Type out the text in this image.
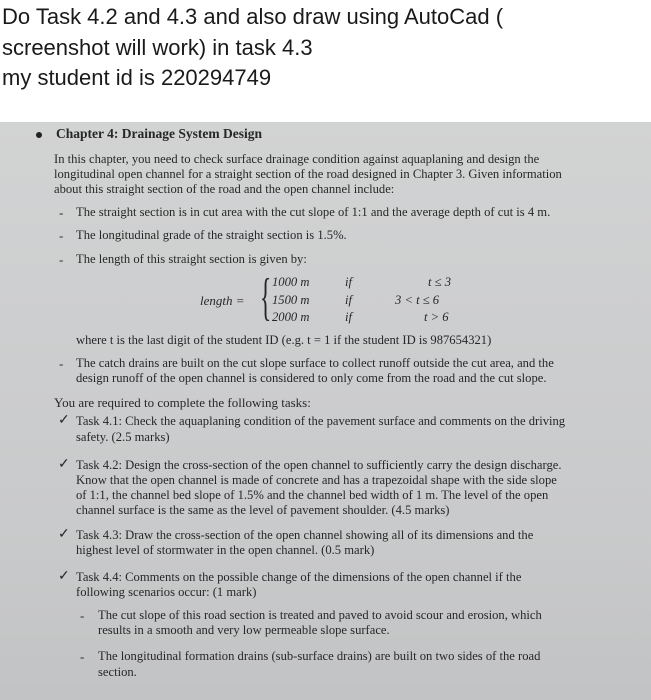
Do Task 4.2 and 4.3 and also draw using AutoCad (
screenshot will work) in task 4.3
my student id is 220294749
Chapter 4: Drainage System Design
In this chapter, you need to check surface drainage condition against aquaplaning and design the
longitudinal open channel for a straight section of the road designed in Chapter 3. Given information
about this straight section of the road and the open channel include:
- The straight section is in cut area with the cut slope of 1:1 and the average depth of cut is 4 m.
- The longitudinal grade of the straight section is 1.5%.
- The length of this straight section is given by:
length = { 1000 m	if	t ≤ 3
1500 m	if	3 < t ≤ 6
2000 m	if	t > 6
where t is the last digit of the student ID (e.g. t = 1 if the student ID is 987654321)
- The catch drains are built on the cut slope surface to collect runoff outside the cut area, and the
design runoff of the open channel is considered to only come from the road and the cut slope.
You are required to complete the following tasks:
✓ Task 4.1: Check the aquaplaning condition of the pavement surface and comments on the driving
safety. (2.5 marks)
✓ Task 4.2: Design the cross-section of the open channel to sufficiently carry the design discharge.
Know that the open channel is made of concrete and has a trapezoidal shape with the side slope
of 1:1, the channel bed slope of 1.5% and the channel bed width of 1 m. The level of the open
channel surface is the same as the level of pavement shoulder. (4.5 marks)
✓ Task 4.3: Draw the cross-section of the open channel showing all of its dimensions and the
highest level of stormwater in the open channel. (0.5 mark)
✓ Task 4.4: Comments on the possible change of the dimensions of the open channel if the
following scenarios occur: (1 mark)
- The cut slope of this road section is treated and paved to avoid scour and erosion, which
results in a smooth and very low permeable slope surface.
- The longitudinal formation drains (sub-surface drains) are built on two sides of the road
section.
